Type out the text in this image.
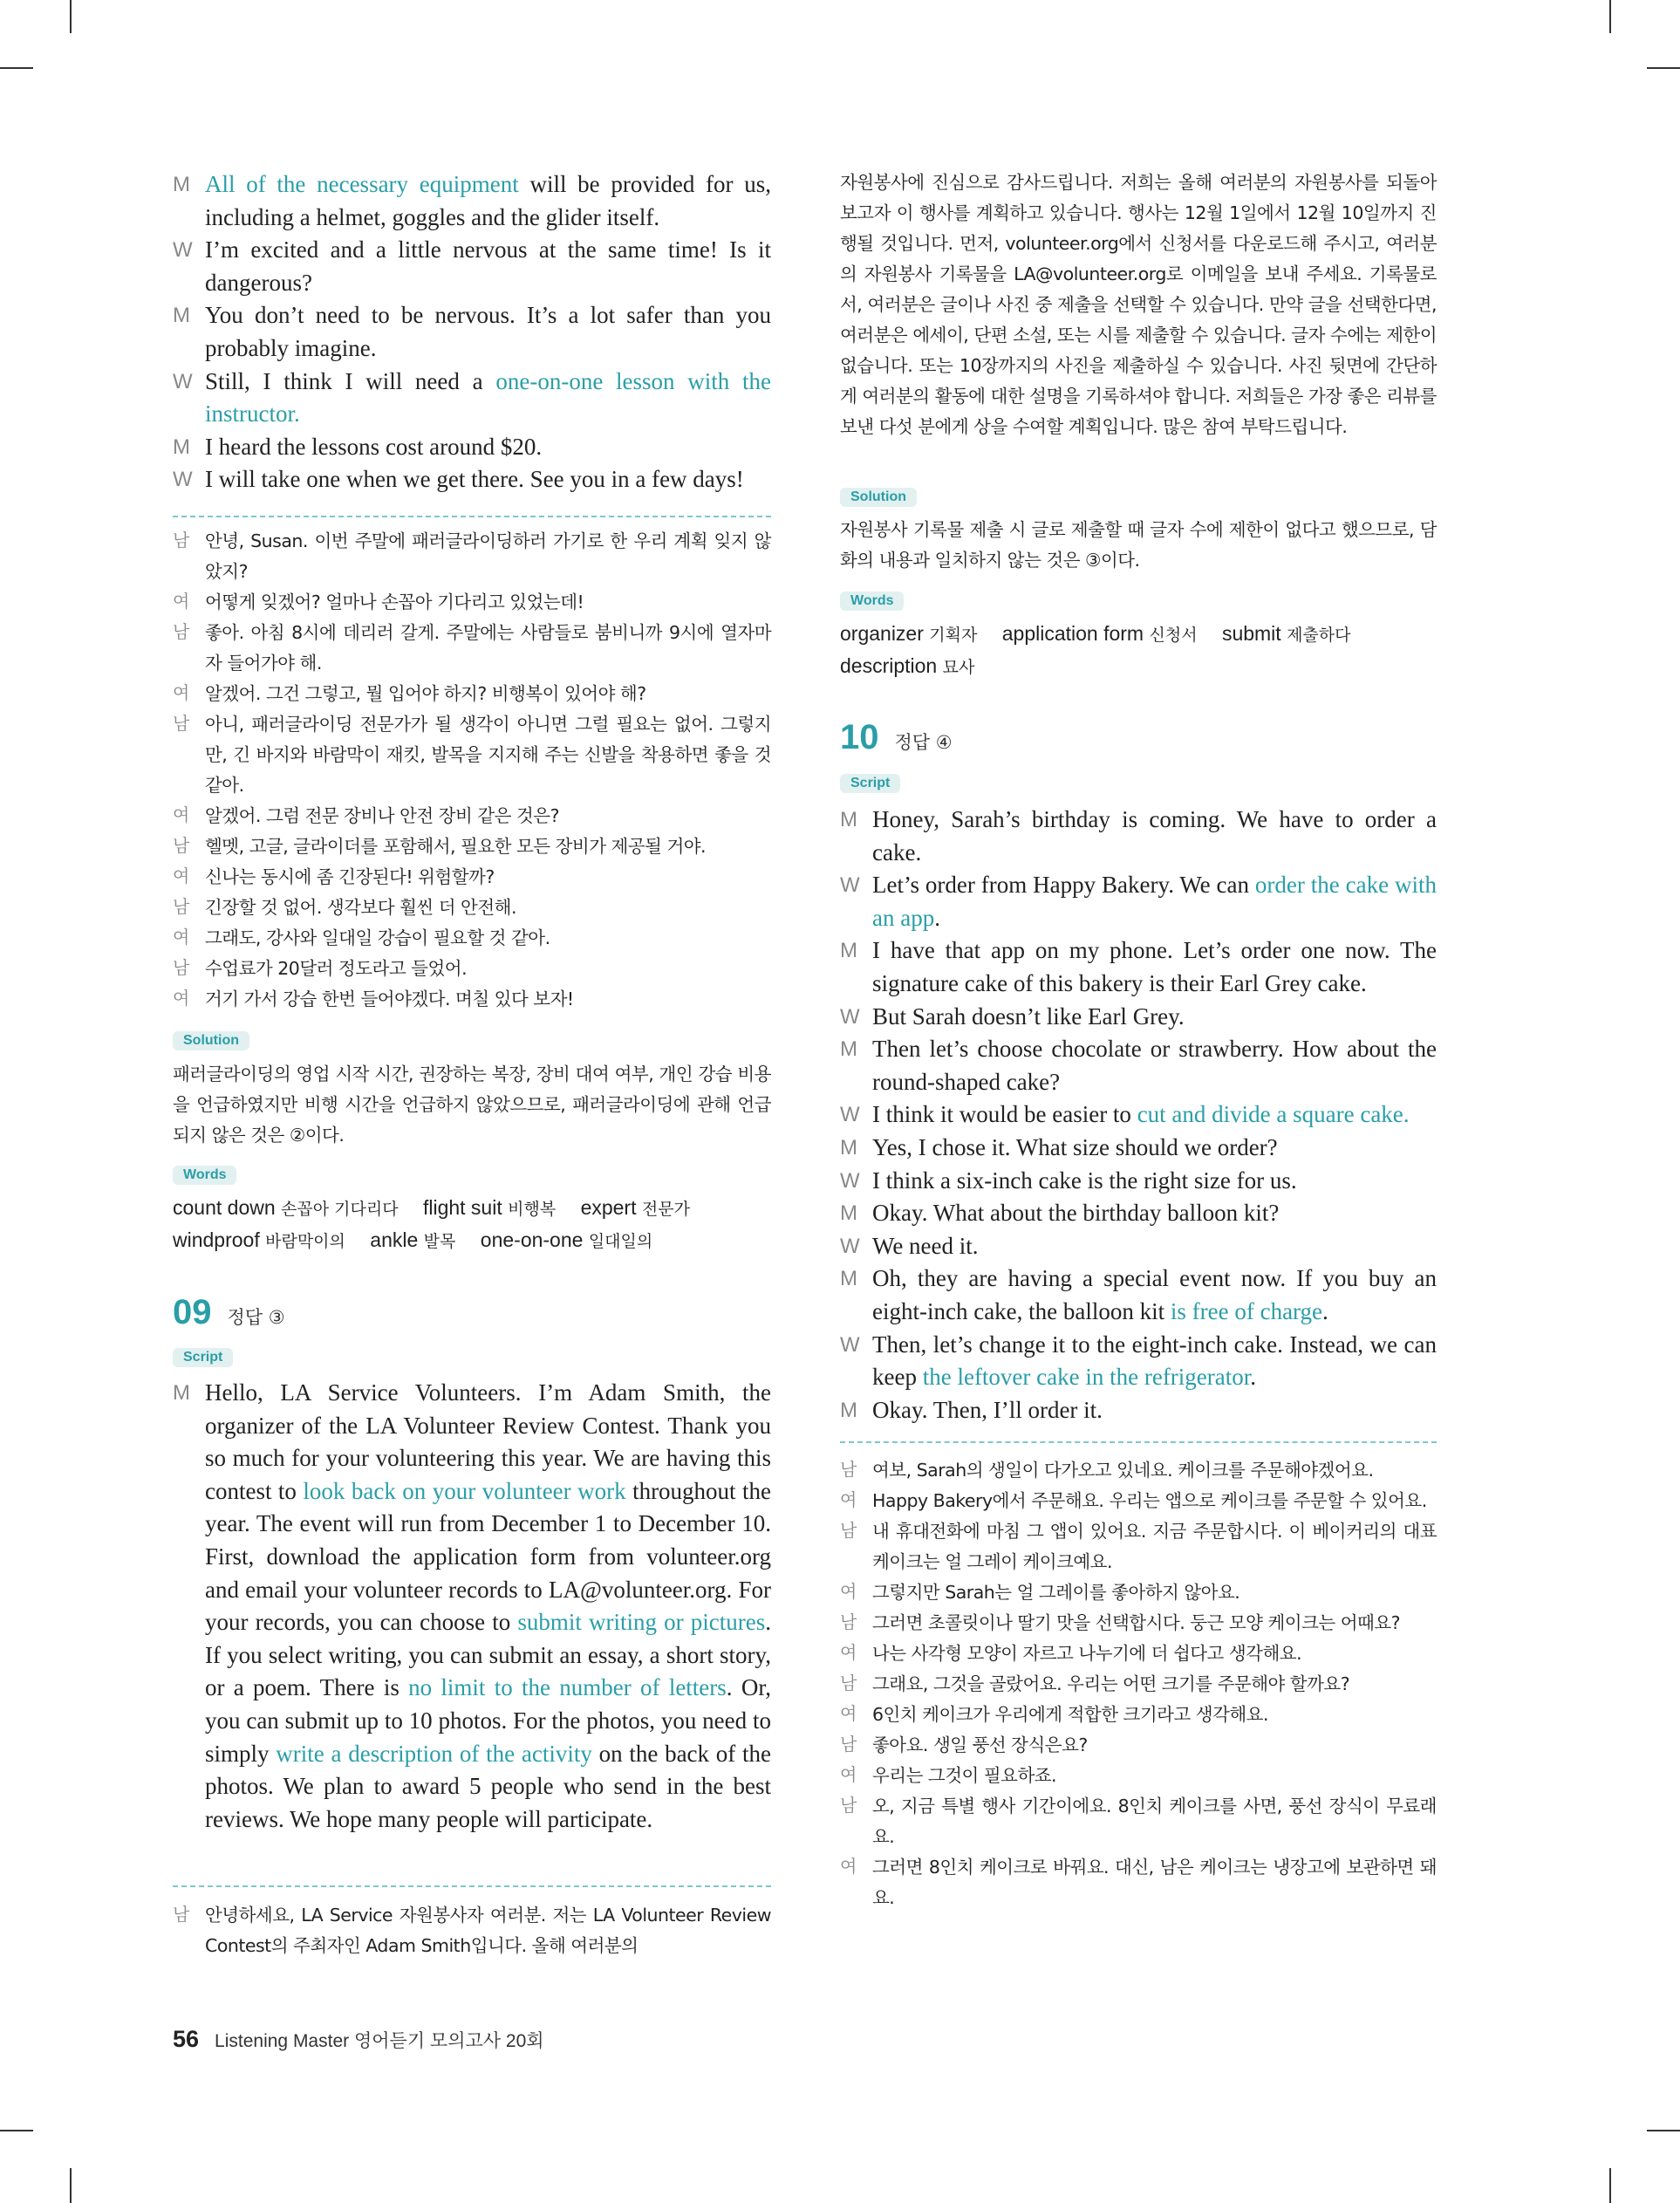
M All of the necessary equipment will be provided for us, including a helmet, goggles and the glider itself.
W I’m excited and a little nervous at the same time! Is it dangerous?
M You don’t need to be nervous. It’s a lot safer than you probably imagine.
W Still, I think I will need a one-on-one lesson with the instructor.
M I heard the lessons cost around $20.
W I will take one when we get there. See you in a few days!
남 안녕, Susan. 이번 주말에 패러글라이딩하러 가기로 한 우리 계획 잊지 않았지?
여 어떻게 잊겠어? 얼마나 손꼽아 기다리고 있었는데!
남 좋아. 아침 8시에 데리러 갈게. 주말에는 사람들로 붐비니까 9시에 열자마자 들어가야 해.
여 알겠어. 그건 그렇고, 뭘 입어야 하지? 비행복이 있어야 해?
남 아니, 패러글라이딩 전문가가 될 생각이 아니면 그럴 필요는 없어. 그렇지만, 긴 바지와 바람막이 재킷, 발목을 지지해 주는 신발을 착용하면 좋을 것 같아.
여 알겠어. 그럼 전문 장비나 안전 장비 같은 것은?
남 헬멧, 고글, 글라이더를 포함해서, 필요한 모든 장비가 제공될 거야.
여 신나는 동시에 좀 긴장된다! 위험할까?
남 긴장할 것 없어. 생각보다 훨씬 더 안전해.
여 그래도, 강사와 일대일 강습이 필요할 것 같아.
남 수업료가 20달러 정도라고 들었어.
여 거기 가서 강습 한번 들어야겠다. 며칠 있다 보자!
Solution
패러글라이딩의 영업 시작 시간, 권장하는 복장, 장비 대여 여부, 개인 강습 비용을 언급하였지만 비행 시간을 언급하지 않았으므로, 패러글라이딩에 관해 언급되지 않은 것은 ②이다.
Words
count down 손꼽아 기다리다 flight suit 비행복 expert 전문가 windproof 바람막이의 ankle 발목 one-on-one 일대일의
09 정답 ③
Script
M Hello, LA Service Volunteers. I’m Adam Smith, the organizer of the LA Volunteer Review Contest. Thank you so much for your volunteering this year. We are having this contest to look back on your volunteer work throughout the year. The event will run from December 1 to December 10. First, download the application form from volunteer.org and email your volunteer records to LA@volunteer.org. For your records, you can choose to submit writing or pictures. If you select writing, you can submit an essay, a short story, or a poem. There is no limit to the number of letters. Or, you can submit up to 10 photos. For the photos, you need to simply write a description of the activity on the back of the photos. We plan to award 5 people who send in the best reviews. We hope many people will participate.
남 안녕하세요, LA Service 자원봉사자 여러분. 저는 LA Volunteer Review Contest의 주최자인 Adam Smith입니다. 올해 여러분의
자원봉사에 진심으로 감사드립니다. 저희는 올해 여러분의 자원봉사를 되돌아보고자 이 행사를 계획하고 있습니다. 행사는 12월 1일에서 12월 10일까지 진행될 것입니다. 먼저, volunteer.org에서 신청서를 다운로드해 주시고, 여러분의 자원봉사 기록물을 LA@volunteer.org로 이메일을 보내 주세요. 기록물로서, 여러분은 글이나 사진 중 제출을 선택할 수 있습니다. 만약 글을 선택한다면, 여러분은 에세이, 단편 소설, 또는 시를 제출할 수 있습니다. 글자 수에는 제한이 없습니다. 또는 10장까지의 사진을 제출하실 수 있습니다. 사진 뒷면에 간단하게 여러분의 활동에 대한 설명을 기록하셔야 합니다. 저희들은 가장 좋은 리뷰를 보낸 다섯 분에게 상을 수여할 계획입니다. 많은 참여 부탁드립니다.
Solution
자원봉사 기록물 제출 시 글로 제출할 때 글자 수에 제한이 없다고 했으므로, 담화의 내용과 일치하지 않는 것은 ③이다.
Words
organizer 기획자 application form 신청서 submit 제출하다 description 묘사
10 정답 ④
Script
M Honey, Sarah’s birthday is coming. We have to order a cake.
W Let’s order from Happy Bakery. We can order the cake with an app.
M I have that app on my phone. Let’s order one now. The signature cake of this bakery is their Earl Grey cake.
W But Sarah doesn’t like Earl Grey.
M Then let’s choose chocolate or strawberry. How about the round-shaped cake?
W I think it would be easier to cut and divide a square cake.
M Yes, I chose it. What size should we order?
W I think a six-inch cake is the right size for us.
M Okay. What about the birthday balloon kit?
W We need it.
M Oh, they are having a special event now. If you buy an eight-inch cake, the balloon kit is free of charge.
W Then, let’s change it to the eight-inch cake. Instead, we can keep the leftover cake in the refrigerator.
M Okay. Then, I’ll order it.
남 여보, Sarah의 생일이 다가오고 있네요. 케이크를 주문해야겠어요.
여 Happy Bakery에서 주문해요. 우리는 앱으로 케이크를 주문할 수 있어요.
남 내 휴대전화에 마침 그 앱이 있어요. 지금 주문합시다. 이 베이커리의 대표 케이크는 얼 그레이 케이크예요.
여 그렇지만 Sarah는 얼 그레이를 좋아하지 않아요.
남 그러면 초콜릿이나 딸기 맛을 선택합시다. 둥근 모양 케이크는 어때요?
여 나는 사각형 모양이 자르고 나누기에 더 쉽다고 생각해요.
남 그래요, 그것을 골랐어요. 우리는 어떤 크기를 주문해야 할까요?
여 6인치 케이크가 우리에게 적합한 크기라고 생각해요.
남 좋아요. 생일 풍선 장식은요?
여 우리는 그것이 필요하죠.
남 오, 지금 특별 행사 기간이에요. 8인치 케이크를 사면, 풍선 장식이 무료래요.
여 그러면 8인치 케이크로 바꿔요. 대신, 남은 케이크는 냉장고에 보관하면 돼요.
56 Listening Master 영어듣기 모의고사 20회
